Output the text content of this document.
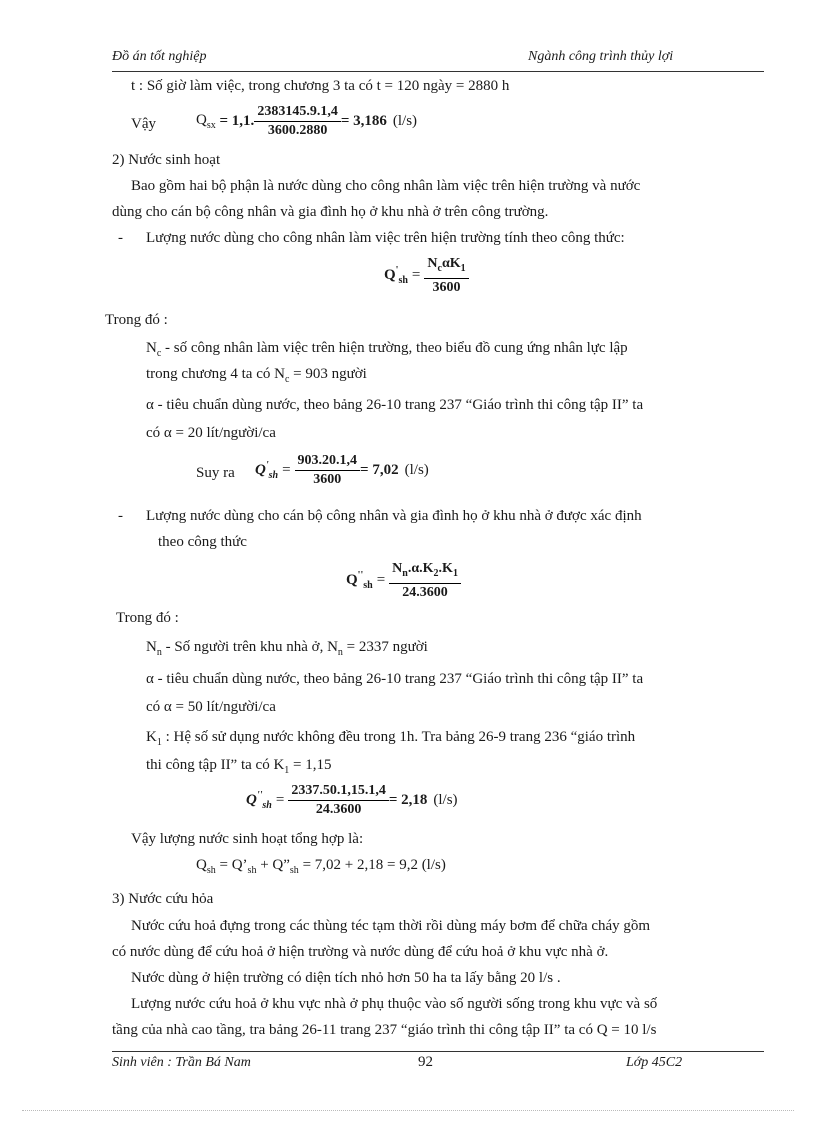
Đồ án tốt nghiệp	Ngành công trình thủy lợi
t : Số giờ làm việc, trong chương 3 ta có t = 120 ngày = 2880 h
Vậy	$Q_{sx} = 1,1$. $\frac{2383145.9.1,4}{3600.2880} = 3,186$ (l/s)
2) Nước sinh hoạt
Bao gồm hai bộ phận là nước dùng cho công nhân làm việc trên hiện trường và nước
dùng cho cán bộ công nhân và gia đình họ ở khu nhà ở trên công trường.
- Lượng nước dùng cho công nhân làm việc trên hiện trường tính theo công thức:
$Q'_{sh} = \frac{N_c\alpha K_1}{3600}$
Trong đó :
$N_c$ - số công nhân làm việc trên hiện trường, theo biểu đồ cung ứng nhân lực lập
trong chương 4 ta có $N_c = 903$ người
α - tiêu chuẩn dùng nước, theo bảng 26-10 trang 237 “Giáo trình thi công tập II” ta
có α = 20 lít/người/ca
Suy ra $Q'_{sh} = \frac{903.20.1,4}{3600} = 7,02$ (l/s)
- Lượng nước dùng cho cán bộ công nhân và gia đình họ ở khu nhà ở được xác định
theo công thức
$Q''_{sh} = \frac{N_n.\alpha.K_2.K_1}{24.3600}$
Trong đó :
$N_n$ - Số người trên khu nhà ở, $N_n = 2337$ người
α - tiêu chuẩn dùng nước, theo bảng 26-10 trang 237 “Giáo trình thi công tập II” ta
có α = 50 lít/người/ca
$K_1$ : Hệ số sử dụng nước không đều trong 1h. Tra bảng 26-9 trang 236 “giáo trình
thi công tập II” ta có $K_1 = 1,15$
$Q''_{sh} = \frac{2337.50.1,15.1,4}{24.3600} = 2,18$ (l/s)
Vậy lượng nước sinh hoạt tổng hợp là:
$Q_{sh}$ = $Q’_{sh}$ + $Q”_{sh} = 7,02 + 2,18 = 9,2$ (l/s)
3) Nước cứu hỏa
Nước cứu hoả đựng trong các thùng téc tạm thời rồi dùng máy bơm để chữa cháy gồm
có nước dùng để cứu hoả ở hiện trường và nước dùng để cứu hoả ở khu vực nhà ở.
Nước dùng ở hiện trường có diện tích nhỏ hơn 50 ha ta lấy bằng 20 l/s .
Lượng nước cứu hoả ở khu vực nhà ở phụ thuộc vào số người sống trong khu vực và số
tầng của nhà cao tầng, tra bảng 26-11 trang 237 “giáo trình thi công tập II” ta có Q = 10 l/s
Sinh viên : Trần Bá Nam	92	Lớp 45C2
